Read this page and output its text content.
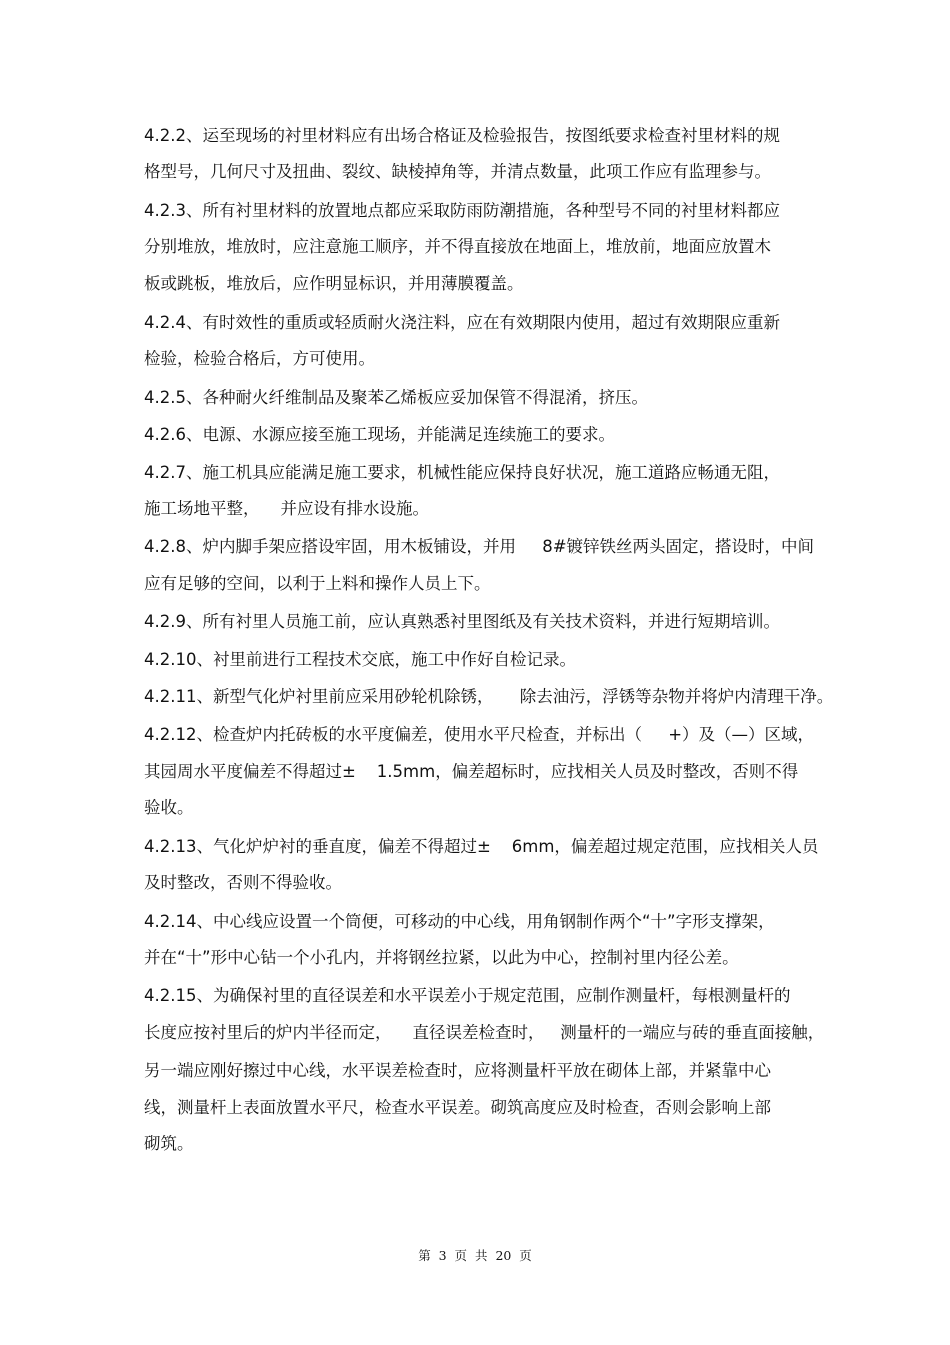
4.2.2、运至现场的衬里材料应有出场合格证及检验报告，按图纸要求检查衬里材料的规
格型号，几何尺寸及扭曲、裂纹、缺棱掉角等，并清点数量，此项工作应有监理参与。
4.2.3、所有衬里材料的放置地点都应采取防雨防潮措施，各种型号不同的衬里材料都应
分别堆放，堆放时，应注意施工顺序，并不得直接放在地面上，堆放前，地面应放置木
板或跳板，堆放后，应作明显标识，并用薄膜覆盖。
4.2.4、有时效性的重质或轻质耐火浇注料，应在有效期限内使用，超过有效期限应重新
检验，检验合格后，方可使用。
4.2.5、各种耐火纤维制品及聚苯乙烯板应妥加保管不得混淆，挤压。
4.2.6、电源、水源应接至施工现场，并能满足连续施工的要求。
4.2.7、施工机具应能满足施工要求，机械性能应保持良好状况，施工道路应畅通无阻，
施工场地平整，    并应设有排水设施。
4.2.8、炉内脚手架应搭设牢固，用木板铺设，并用     8#镀锌铁丝两头固定，搭设时，中间
应有足够的空间，以利于上料和操作人员上下。
4.2.9、所有衬里人员施工前，应认真熟悉衬里图纸及有关技术资料，并进行短期培训。
4.2.10、衬里前进行工程技术交底，施工中作好自检记录。
4.2.11、新型气化炉衬里前应采用砂轮机除锈，     除去油污，浮锈等杂物并将炉内清理干净。
4.2.12、检查炉内托砖板的水平度偏差，使用水平尺检查，并标出（     +）及（—）区域，
其园周水平度偏差不得超过±    1.5mm，偏差超标时，应找相关人员及时整改，否则不得
验收。
4.2.13、气化炉炉衬的垂直度，偏差不得超过±    6mm，偏差超过规定范围，应找相关人员
及时整改，否则不得验收。
4.2.14、中心线应设置一个筒便，可移动的中心线，用角钢制作两个“十”字形支撑架，
并在“十”形中心钻一个小孔内，并将钢丝拉紧，以此为中心，控制衬里内径公差。
4.2.15、为确保衬里的直径误差和水平误差小于规定范围，应制作测量杆，每根测量杆的
长度应按衬里后的炉内半径而定，    直径误差检查时，   测量杆的一端应与砖的垂直面接触，
另一端应刚好擦过中心线，水平误差检查时，应将测量杆平放在砌体上部，并紧靠中心
线，测量杆上表面放置水平尺，检查水平误差。砌筑高度应及时检查，否则会影响上部
砌筑。
第  3  页  共  20  页
